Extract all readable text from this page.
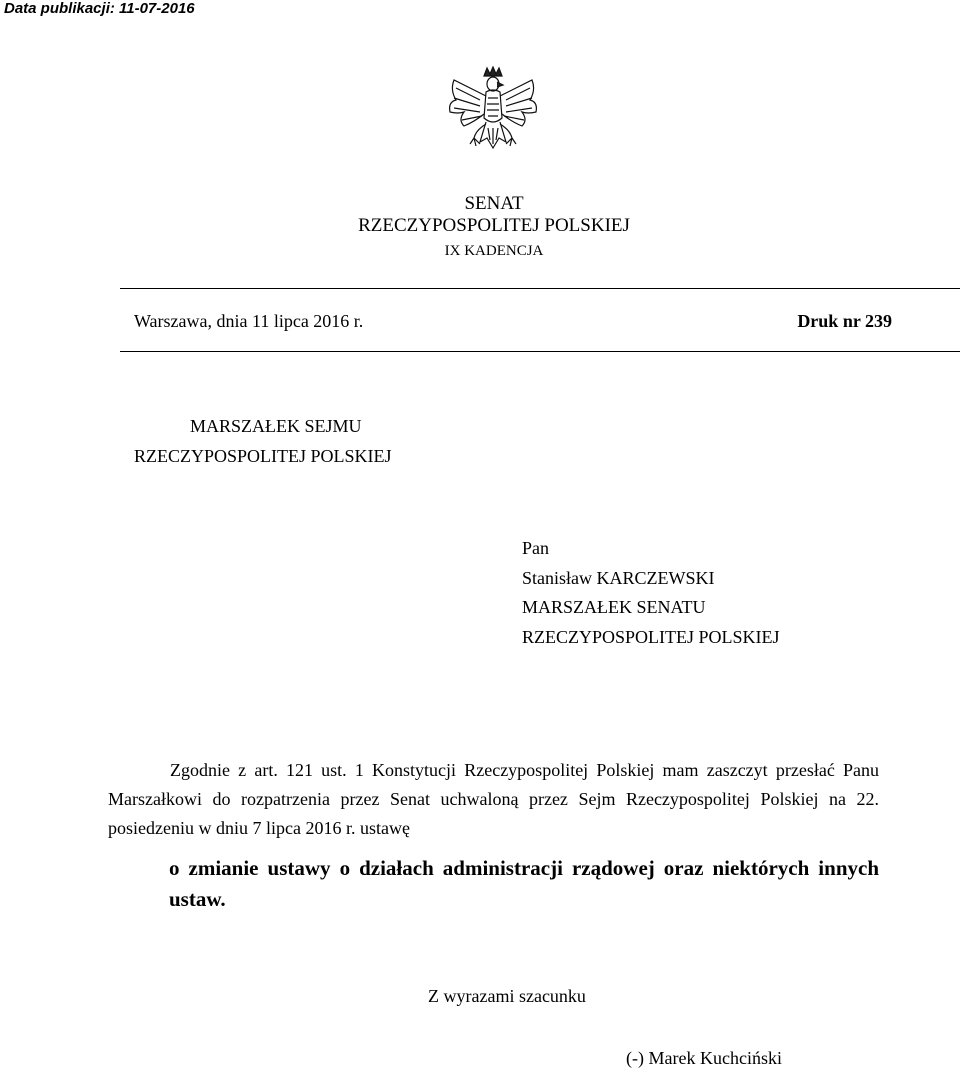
Data publikacji: 11-07-2016
SENAT
RZECZYPOSPOLITEJ POLSKIEJ
IX KADENCJA
Warszawa, dnia 11 lipca 2016 r.	Druk nr 239
MARSZAŁEK SEJMU
RZECZYPOSPOLITEJ POLSKIEJ
Pan
Stanisław KARCZEWSKI
MARSZAŁEK SENATU
RZECZYPOSPOLITEJ POLSKIEJ
Zgodnie z art. 121 ust. 1 Konstytucji Rzeczypospolitej Polskiej mam zaszczyt przesłać Panu Marszałkowi do rozpatrzenia przez Senat uchwaloną przez Sejm Rzeczypospolitej Polskiej na 22. posiedzeniu w dniu 7 lipca 2016 r. ustawę
o zmianie ustawy o działach administracji rządowej oraz niektórych innych ustaw.
Z wyrazami szacunku
(-) Marek Kuchciński
